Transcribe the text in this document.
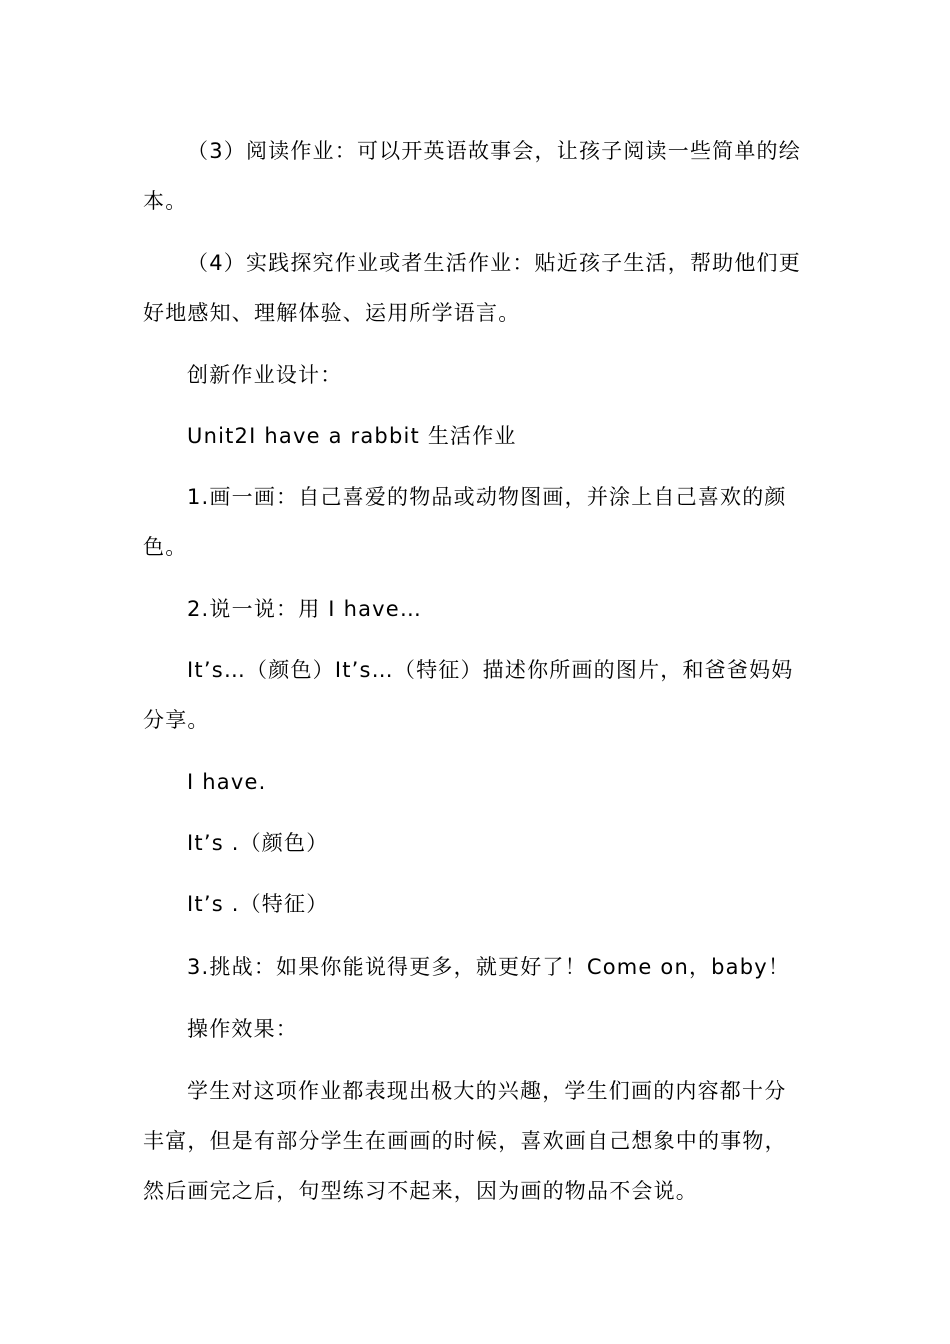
（3）阅读作业：可以开英语故事会，让孩子阅读一些简单的绘本。

（4）实践探究作业或者生活作业：贴近孩子生活，帮助他们更好地感知、理解体验、运用所学语言。

创新作业设计：

Unit2I have a rabbit 生活作业

1.画一画：自己喜爱的物品或动物图画，并涂上自己喜欢的颜色。

2.说一说：用 I have…

It’s…（颜色）It’s…（特征）描述你所画的图片，和爸爸妈妈分享。

I have.

It’s .（颜色）

It’s .（特征）

3.挑战：如果你能说得更多，就更好了！Come on，baby！

操作效果：

学生对这项作业都表现出极大的兴趣，学生们画的内容都十分丰富，但是有部分学生在画画的时候，喜欢画自己想象中的事物，然后画完之后，句型练习不起来，因为画的物品不会说。
